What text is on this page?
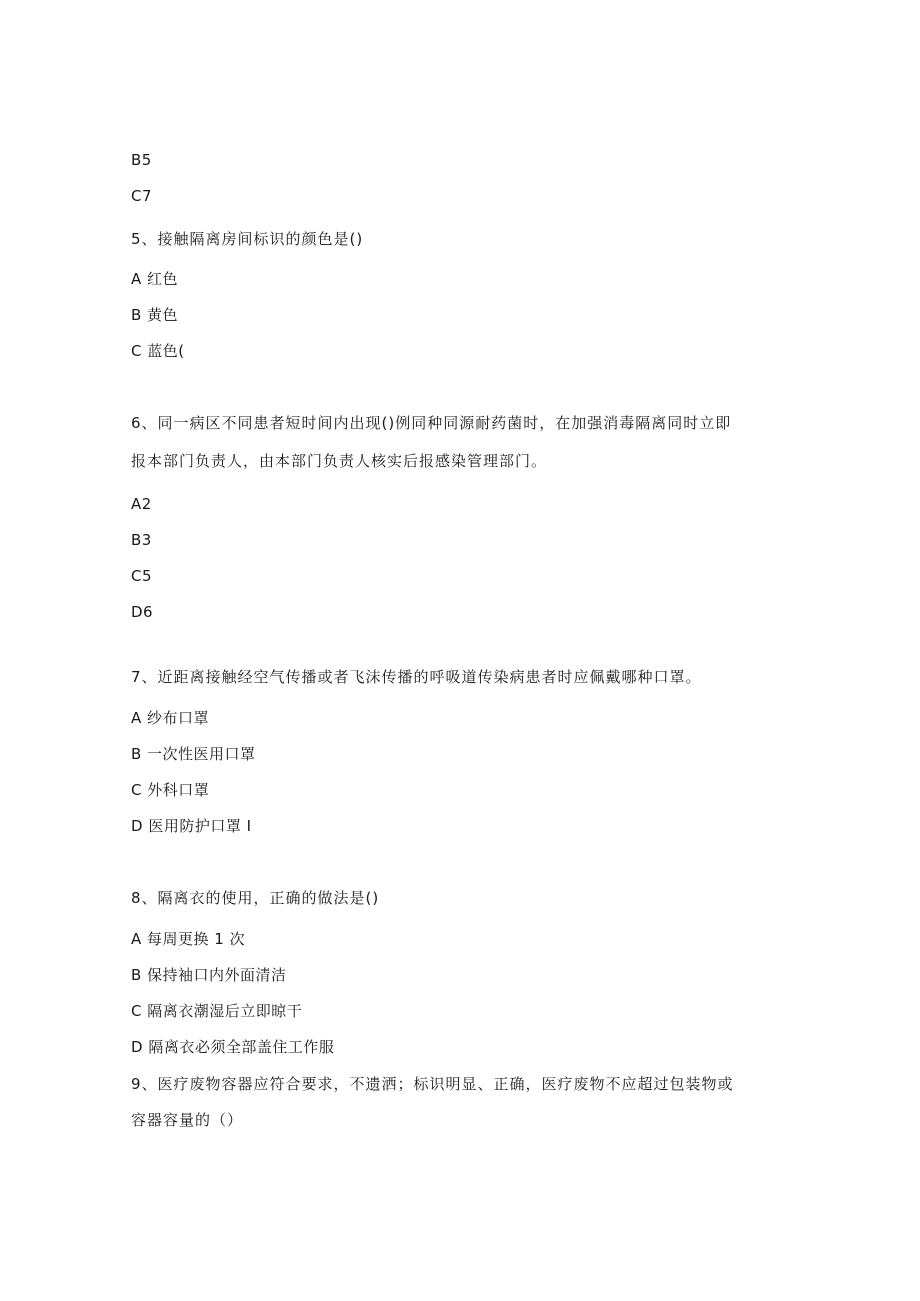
B5
C7
5、接触隔离房间标识的颜色是()
A 红色
B 黄色
C 蓝色(
6、同一病区不同患者短时间内出现()例同种同源耐药菌时，在加强消毒隔离同时立即
报本部门负责人，由本部门负责人核实后报感染管理部门。
A2
B3
C5
D6
7、近距离接触经空气传播或者飞沫传播的呼吸道传染病患者时应佩戴哪种口罩。
A 纱布口罩
B 一次性医用口罩
C 外科口罩
D 医用防护口罩 I
8、隔离衣的使用，正确的做法是()
A 每周更换 1 次
B 保持袖口内外面清洁
C 隔离衣潮湿后立即晾干
D 隔离衣必须全部盖住工作服
9、医疗废物容器应符合要求，不遗洒；标识明显、正确，医疗废物不应超过包装物或
容器容量的（）
